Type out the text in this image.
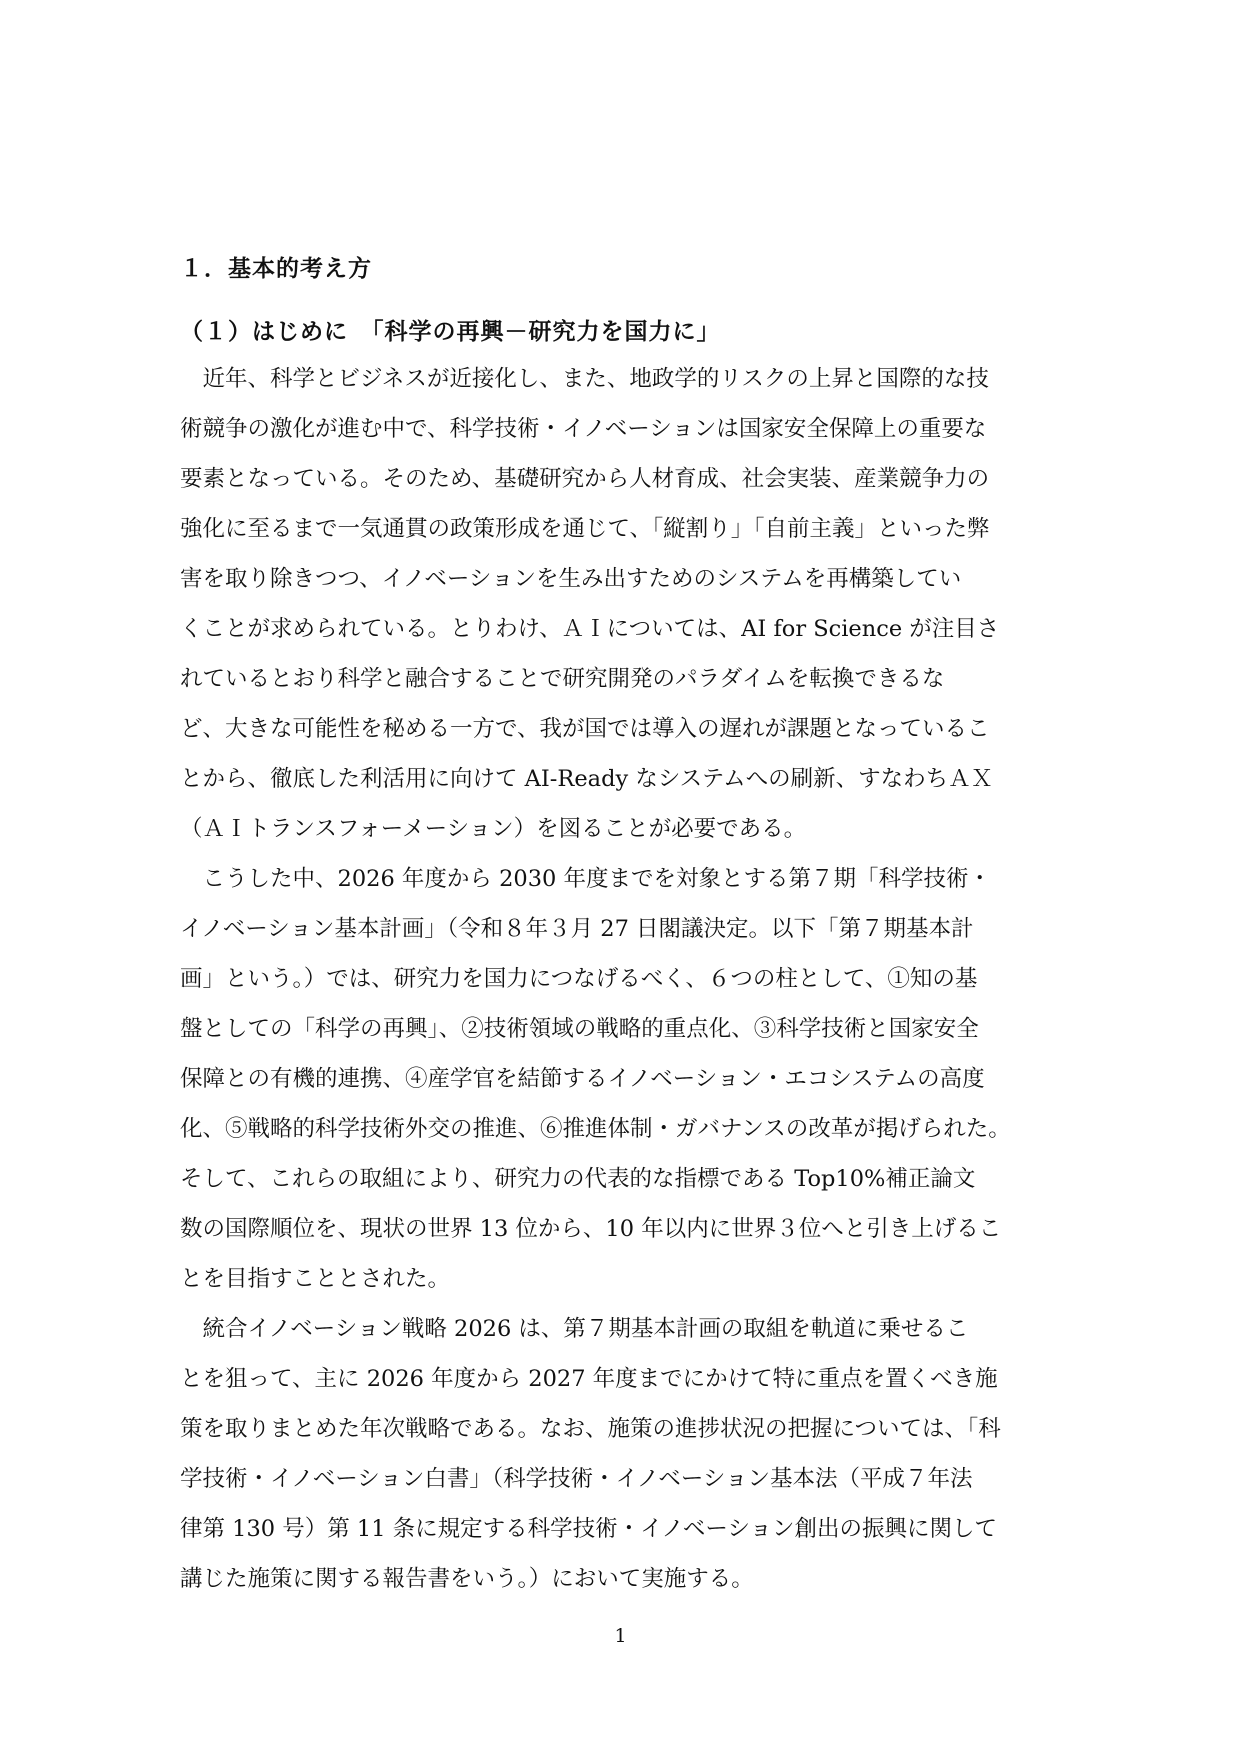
１．基本的考え方
（１）はじめに　「科学の再興－研究力を国力に」
　近年、科学とビジネスが近接化し、また、地政学的リスクの上昇と国際的な技
術競争の激化が進む中で、科学技術・イノベーションは国家安全保障上の重要な
要素となっている。そのため、基礎研究から人材育成、社会実装、産業競争力の
強化に至るまで一気通貫の政策形成を通じて、「縦割り」「自前主義」といった弊
害を取り除きつつ、イノベーションを生み出すためのシステムを再構築してい
くことが求められている。とりわけ、ＡＩについては、AI for Science が注目さ
れているとおり科学と融合することで研究開発のパラダイムを転換できるな
ど、大きな可能性を秘める一方で、我が国では導入の遅れが課題となっているこ
とから、徹底した利活用に向けて AI-Ready なシステムへの刷新、すなわちＡＸ
（ＡＩトランスフォーメーション）を図ることが必要である。
　こうした中、2026 年度から 2030 年度までを対象とする第７期「科学技術・
イノベーション基本計画」（令和８年３月 27 日閣議決定。以下「第７期基本計
画」という。）では、研究力を国力につなげるべく、６つの柱として、①知の基
盤としての「科学の再興」、②技術領域の戦略的重点化、③科学技術と国家安全
保障との有機的連携、④産学官を結節するイノベーション・エコシステムの高度
化、⑤戦略的科学技術外交の推進、⑥推進体制・ガバナンスの改革が掲げられた。
そして、これらの取組により、研究力の代表的な指標である Top10%補正論文
数の国際順位を、現状の世界 13 位から、10 年以内に世界３位へと引き上げるこ
とを目指すこととされた。
　統合イノベーション戦略 2026 は、第７期基本計画の取組を軌道に乗せるこ
とを狙って、主に 2026 年度から 2027 年度までにかけて特に重点を置くべき施
策を取りまとめた年次戦略である。なお、施策の進捗状況の把握については、「科
学技術・イノベーション白書」（科学技術・イノベーション基本法（平成７年法
律第 130 号）第 11 条に規定する科学技術・イノベーション創出の振興に関して
講じた施策に関する報告書をいう。）において実施する。
1
